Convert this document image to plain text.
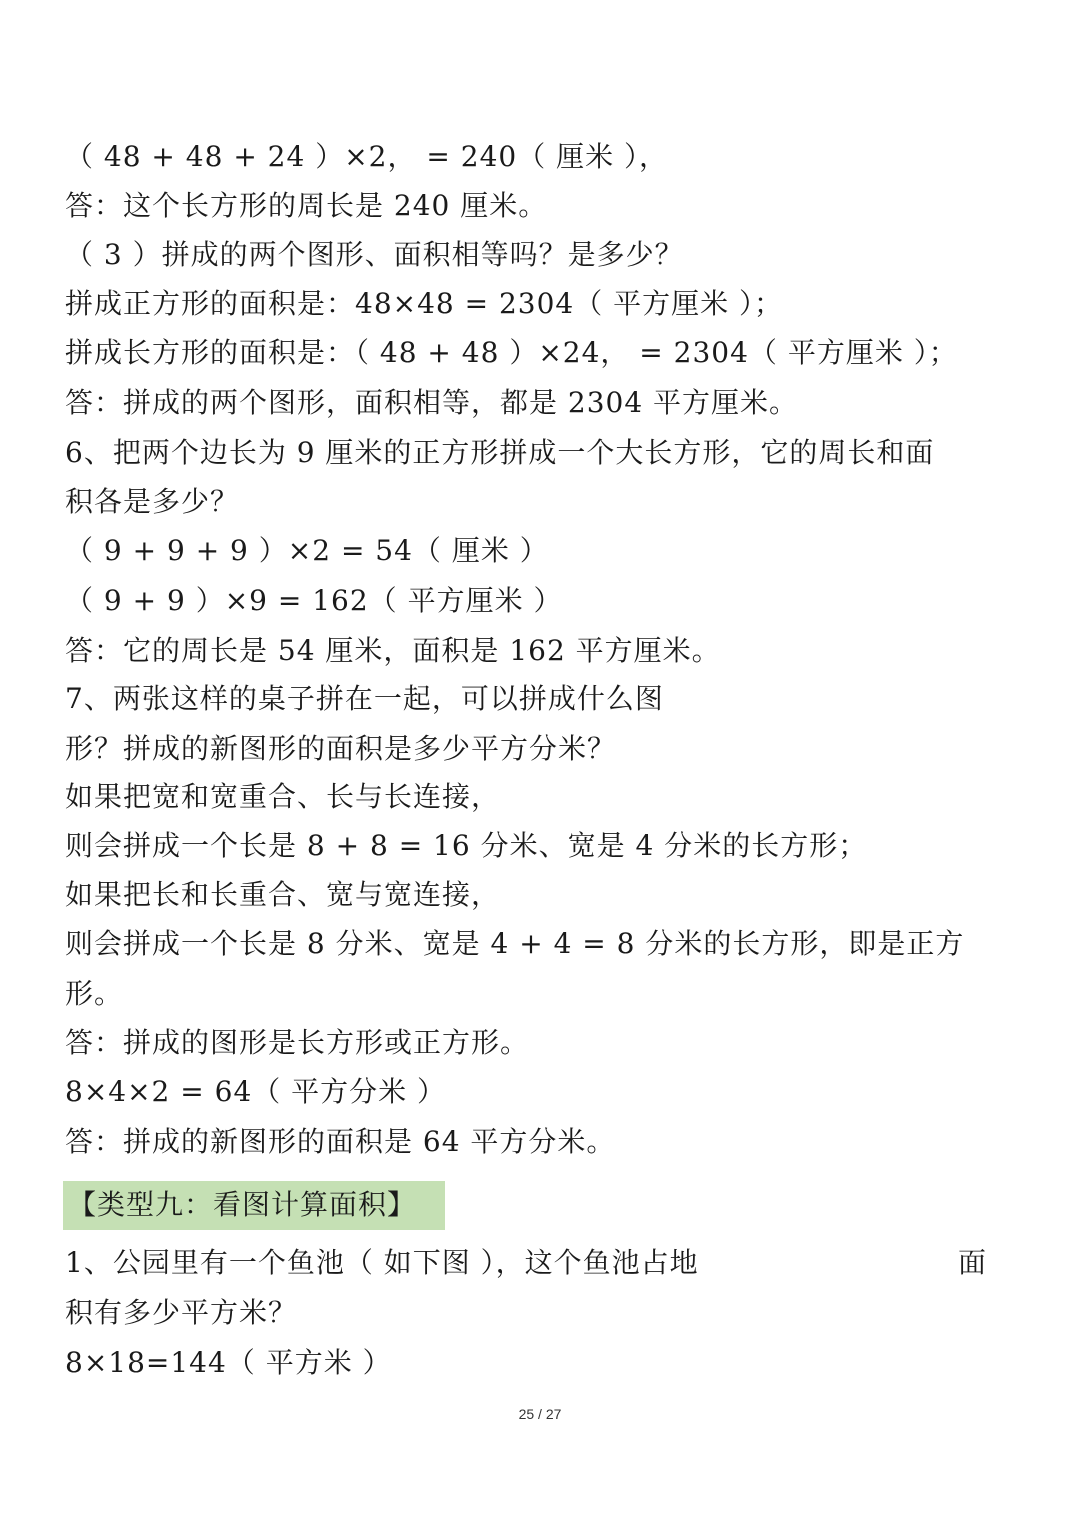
（ 48 + 48 + 24 ）×2， = 240（ 厘米 ），
答：这个长方形的周长是 240 厘米。
（ 3 ）拼成的两个图形、面积相等吗？是多少？
拼成正方形的面积是：48×48 = 2304（ 平方厘米 ）；
拼成长方形的面积是：（ 48 + 48 ）×24， = 2304（ 平方厘米 ）；
答：拼成的两个图形，面积相等，都是 2304 平方厘米。
6、把两个边长为 9 厘米的正方形拼成一个大长方形，它的周长和面
积各是多少？
（ 9 + 9 + 9 ）×2 = 54（ 厘米 ）
（ 9 + 9 ）×9 = 162（ 平方厘米 ）
答：它的周长是 54 厘米，面积是 162 平方厘米。
7、两张这样的桌子拼在一起，可以拼成什么图
形？拼成的新图形的面积是多少平方分米？
如果把宽和宽重合、长与长连接，
则会拼成一个长是 8 + 8 = 16 分米、宽是 4 分米的长方形；
如果把长和长重合、宽与宽连接，
则会拼成一个长是 8 分米、宽是 4 + 4 = 8 分米的长方形，即是正方
形。
答：拼成的图形是长方形或正方形。
8×4×2 = 64（ 平方分米 ）
答：拼成的新图形的面积是 64 平方分米。
【类型九：看图计算面积】
1、公园里有一个鱼池（ 如下图 ），这个鱼池占地	面
积有多少平方米？
8×18=144（ 平方米 ）
25 / 27
